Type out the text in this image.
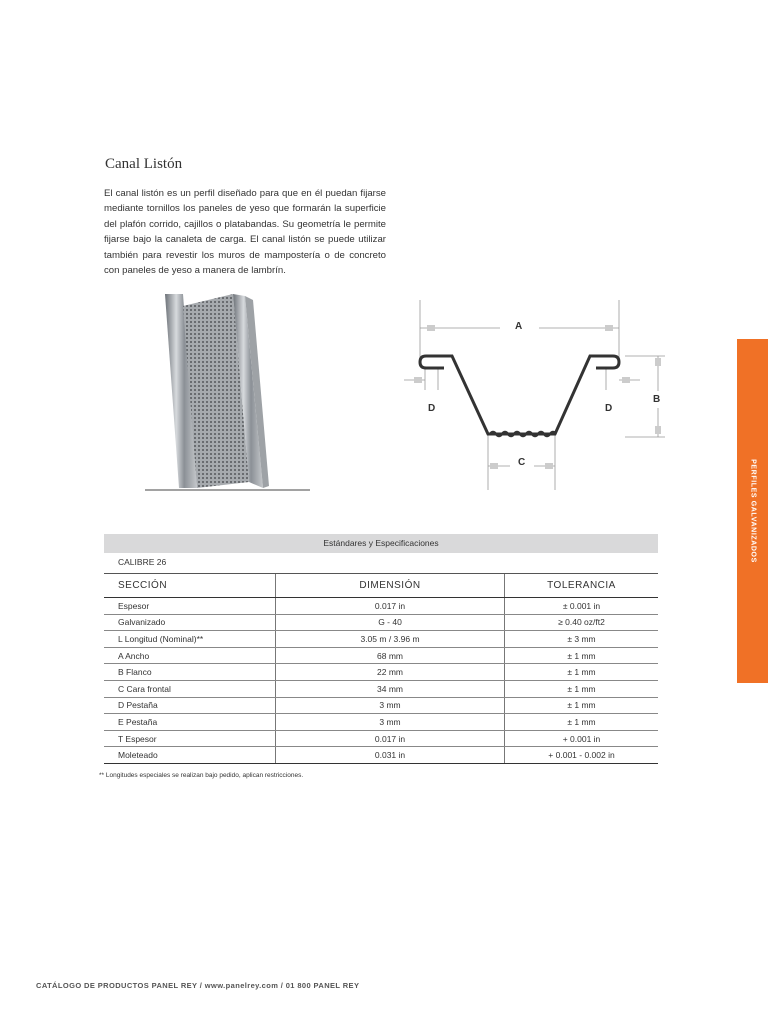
Canal Listón
El canal listón es un perfil diseñado para que en él puedan fijarse mediante tornillos los paneles de yeso que formarán la superficie del plafón corrido, cajillos o platabandas. Su geometría le permite fijarse bajo la canaleta de carga. El canal listón se puede utilizar también para revestir los muros de mampostería o de concreto con paneles de yeso a manera de lambrín.
A
B
C
D	D
PERFILES GALVANIZADOS
Estándares y Especificaciones
CALIBRE 26
SECCIÓN	DIMENSIÓN	TOLERANCIA
Espesor	0.017 in	± 0.001 in
Galvanizado	G - 40	≥ 0.40 oz/ft2
L Longitud (Nominal)**	3.05 m / 3.96 m	± 3 mm
A Ancho	68 mm	± 1 mm
B Flanco	22 mm	± 1 mm
C Cara frontal	34 mm	± 1 mm
D Pestaña	3 mm	± 1 mm
E Pestaña	3 mm	± 1 mm
T Espesor	0.017 in	+ 0.001 in
Moleteado	0.031 in	+ 0.001 - 0.002 in
** Longitudes especiales se realizan bajo pedido, aplican restricciones.
CATÁLOGO DE PRODUCTOS PANEL REY / www.panelrey.com / 01 800 PANEL REY
